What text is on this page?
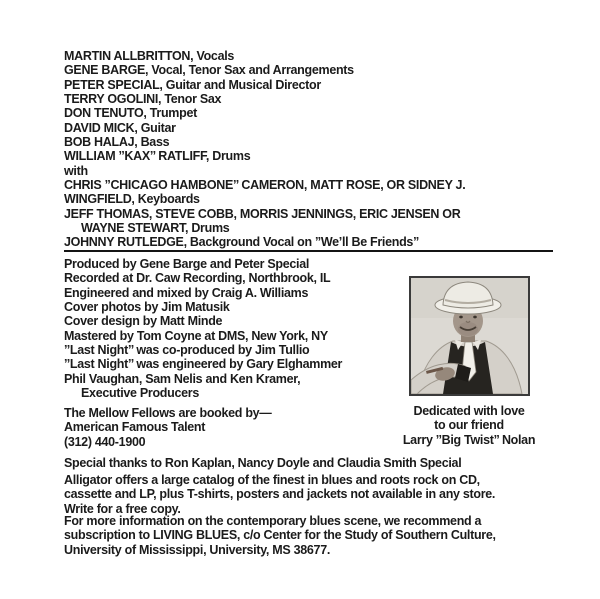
MARTIN ALLBRITTON, Vocals
GENE BARGE, Vocal, Tenor Sax and Arrangements
PETER SPECIAL, Guitar and Musical Director
TERRY OGOLINI, Tenor Sax
DON TENUTO, Trumpet
DAVID MICK, Guitar
BOB HALAJ, Bass
WILLIAM ’’KAX’’ RATLIFF, Drums
with
CHRIS ’’CHICAGO HAMBONE’’ CAMERON, MATT ROSE, OR SIDNEY J.
WINGFIELD, Keyboards
JEFF THOMAS, STEVE COBB, MORRIS JENNINGS, ERIC JENSEN OR
WAYNE STEWART, Drums
JOHNNY RUTLEDGE, Background Vocal on ’’We’ll Be Friends’’
Produced by Gene Barge and Peter Special
Recorded at Dr. Caw Recording, Northbrook, IL
Engineered and mixed by Craig A. Williams
Cover photos by Jim Matusik
Cover design by Matt Minde
Mastered by Tom Coyne at DMS, New York, NY
’’Last Night’’ was co-produced by Jim Tullio
’’Last Night’’ was engineered by Gary Elghammer
Phil Vaughan, Sam Nelis and Ken Kramer,
Executive Producers
The Mellow Fellows are booked by—
American Famous Talent
(312) 440-1900
Dedicated with love
to our friend
Larry ’’Big Twist’’ Nolan
Special thanks to Ron Kaplan, Nancy Doyle and Claudia Smith Special
Alligator offers a large catalog of the finest in blues and roots rock on CD,
cassette and LP, plus T-shirts, posters and jackets not available in any store.
Write for a free copy.
For more information on the contemporary blues scene, we recommend a
subscription to LIVING BLUES, c/o Center for the Study of Southern Culture,
University of Mississippi, University, MS 38677.
